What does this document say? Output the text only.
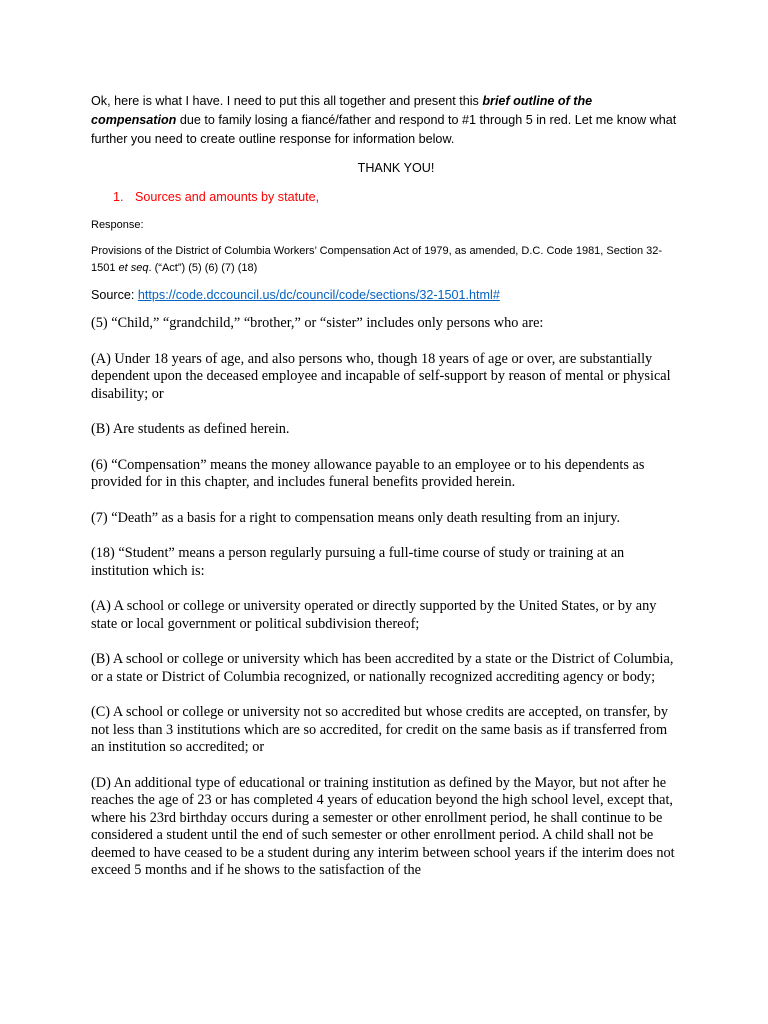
Ok, here is what I have. I need to put this all together and present this brief outline of the compensation due to family losing a fiancé/father and respond to #1 through 5 in red. Let me know what further you need to create outline response for information below.

THANK YOU!

1. Sources and amounts by statute,

Response:

Provisions of the District of Columbia Workers’ Compensation Act of 1979, as amended, D.C. Code 1981, Section 32-1501 et seq. (“Act”) (5) (6) (7) (18)

Source: https://code.dccouncil.us/dc/council/code/sections/32-1501.html#

(5) “Child,” “grandchild,” “brother,” or “sister” includes only persons who are:

(A) Under 18 years of age, and also persons who, though 18 years of age or over, are substantially dependent upon the deceased employee and incapable of self-support by reason of mental or physical disability; or

(B) Are students as defined herein.

(6) “Compensation” means the money allowance payable to an employee or to his dependents as provided for in this chapter, and includes funeral benefits provided herein.

(7) “Death” as a basis for a right to compensation means only death resulting from an injury.

(18) “Student” means a person regularly pursuing a full-time course of study or training at an institution which is:

(A) A school or college or university operated or directly supported by the United States, or by any state or local government or political subdivision thereof;

(B) A school or college or university which has been accredited by a state or the District of Columbia, or a state or District of Columbia recognized, or nationally recognized accrediting agency or body;

(C) A school or college or university not so accredited but whose credits are accepted, on transfer, by not less than 3 institutions which are so accredited, for credit on the same basis as if transferred from an institution so accredited; or

(D) An additional type of educational or training institution as defined by the Mayor, but not after he reaches the age of 23 or has completed 4 years of education beyond the high school level, except that, where his 23rd birthday occurs during a semester or other enrollment period, he shall continue to be considered a student until the end of such semester or other enrollment period. A child shall not be deemed to have ceased to be a student during any interim between school years if the interim does not exceed 5 months and if he shows to the satisfaction of the
